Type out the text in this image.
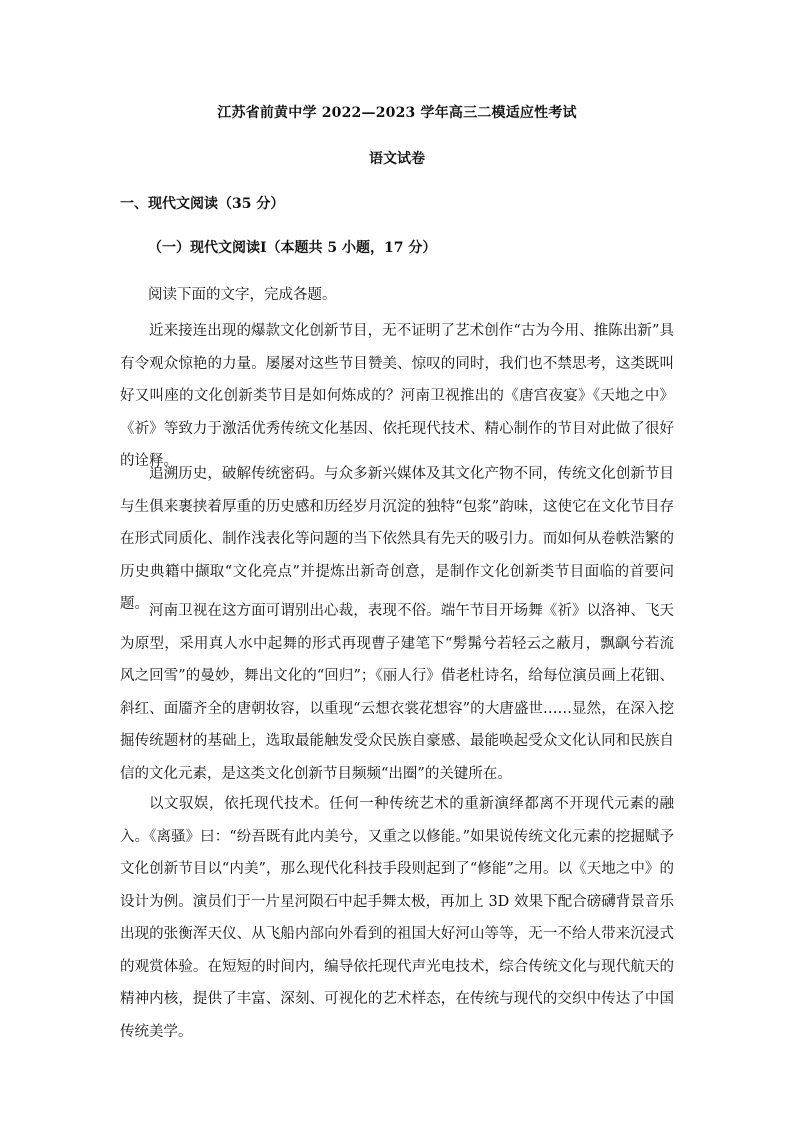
江苏省前黄中学 2022—2023 学年高三二模适应性考试
语文试卷
一、现代文阅读（35 分）
（一）现代文阅读Ⅰ（本题共 5 小题，17 分）
阅读下面的文字，完成各题。

近来接连出现的爆款文化创新节目，无不证明了艺术创作“古为今用、推陈出新”具有令观众惊艳的力量。屡屡对这些节目赞美、惊叹的同时，我们也不禁思考，这类既叫好又叫座的文化创新类节目是如何炼成的？河南卫视推出的《唐宫夜宴》《天地之中》《祈》等致力于激活优秀传统文化基因、依托现代技术、精心制作的节目对此做了很好的诠释。

追溯历史，破解传统密码。与众多新兴媒体及其文化产物不同，传统文化创新节目与生俱来裹挟着厚重的历史感和历经岁月沉淀的独特“包浆”韵味，这使它在文化节目存在形式同质化、制作浅表化等问题的当下依然具有先天的吸引力。而如何从卷帙浩繁的历史典籍中撷取“文化亮点”并提炼出新奇创意，是制作文化创新类节目面临的首要问题。 河南卫视在这方面可谓别出心裁，表现不俗。端午节目开场舞《祈》以洛神、飞天为原型，采用真人水中起舞的形式再现曹子建笔下“髣髴兮若轻云之蔽月，飘飖兮若流风之回雪”的曼妙，舞出文化的“回归”；《丽人行》借老杜诗名，给每位演员画上花钿、斜红、面靥齐全的唐朝妆容，以重现“云想衣裳花想容”的大唐盛世……显然，在深入挖掘传统题材的基础上，选取最能触发受众民族自豪感、最能唤起受众文化认同和民族自信的文化元素，是这类文化创新节目频频“出圈”的关键所在。

以文驭娱，依托现代技术。任何一种传统艺术的重新演绎都离不开现代元素的融入。《离骚》曰：“纷吾既有此内美兮，又重之以修能。”如果说传统文化元素的挖掘赋予文化创新节目以“内美”，那么现代化科技手段则起到了“修能”之用。以《天地之中》的设计为例。演员们于一片星河陨石中起手舞太极，再加上 3D 效果下配合磅礴背景音乐出现的张衡浑天仪、从飞船内部向外看到的祖国大好河山等等，无一不给人带来沉浸式的观赏体验。在短短的时间内，编导依托现代声光电技术，综合传统文化与现代航天的精神内核，提供了丰富、深刻、可视化的艺术样态，在传统与现代的交织中传达了中国传统美学。
